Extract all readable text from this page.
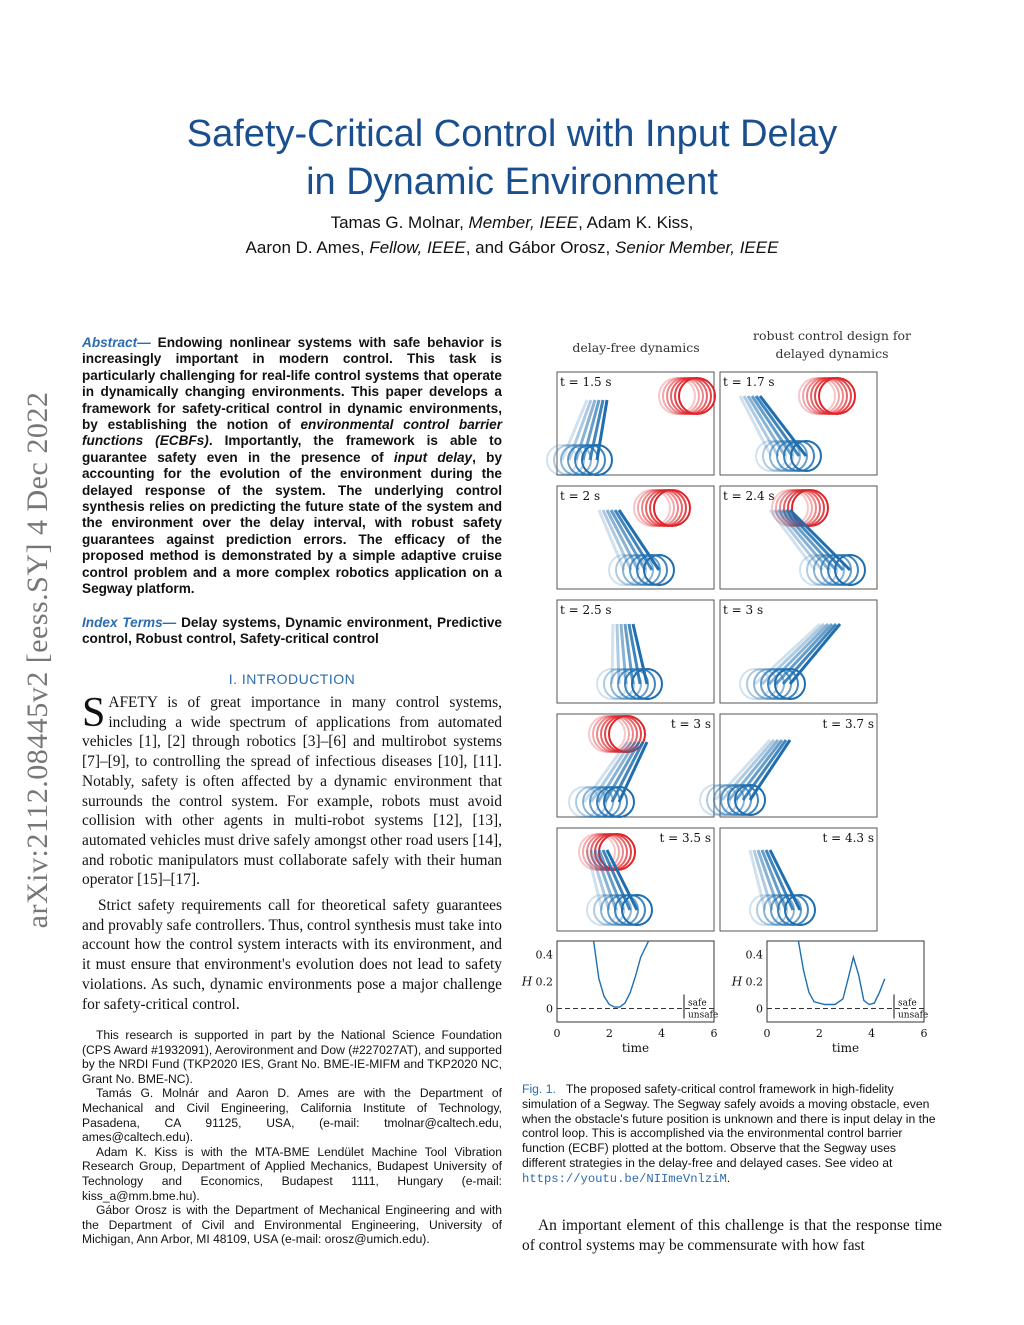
arXiv:2112.08445v2 [eess.SY] 4 Dec 2022
Safety-Critical Control with Input Delay
in Dynamic Environment
Tamas G. Molnar, Member, IEEE, Adam K. Kiss,
Aaron D. Ames, Fellow, IEEE, and Gábor Orosz, Senior Member, IEEE
Abstract— Endowing nonlinear systems with safe behavior is increasingly important in modern control. This task is particularly challenging for real-life control systems that operate in dynamically changing environments. This paper develops a framework for safety-critical control in dynamic environments, by establishing the notion of environmental control barrier functions (ECBFs). Importantly, the framework is able to guarantee safety even in the presence of input delay, by accounting for the evolution of the environment during the delayed response of the system. The underlying control synthesis relies on predicting the future state of the system and the environment over the delay interval, with robust safety guarantees against prediction errors. The efficacy of the proposed method is demonstrated by a simple adaptive cruise control problem and a more complex robotics application on a Segway platform.
Index Terms— Delay systems, Dynamic environment, Predictive control, Robust control, Safety-critical control
I. INTRODUCTION
SAFETY is of great importance in many control systems, including a wide spectrum of applications from automated vehicles [1], [2] through robotics [3]–[6] and multirobot systems [7]–[9], to controlling the spread of infectious diseases [10], [11]. Notably, safety is often affected by a dynamic environment that surrounds the control system. For example, robots must avoid collision with other agents in multi-robot systems [12], [13], automated vehicles must drive safely amongst other road users [14], and robotic manipulators must collaborate safely with their human operator [15]–[17].
Strict safety requirements call for theoretical safety guarantees and provably safe controllers. Thus, control synthesis must take into account how the control system interacts with its environment, and it must ensure that environment's evolution does not lead to safety violations. As such, dynamic environments pose a major challenge for safety-critical control.

This research is supported in part by the National Science Foundation (CPS Award #1932091), Aerovironment and Dow (#227027AT), and supported by the NRDI Fund (TKP2020 IES, Grant No. BME-IE-MIFM and TKP2020 NC, Grant No. BME-NC).

Tamás G. Molnár and Aaron D. Ames are with the Department of Mechanical and Civil Engineering, California Institute of Technology, Pasadena, CA 91125, USA, (e-mail: tmolnar@caltech.edu, ames@caltech.edu).

Adam K. Kiss is with the MTA-BME Lendület Machine Tool Vibration Research Group, Department of Applied Mechanics, Budapest University of Technology and Economics, Budapest 1111, Hungary (e-mail: kiss_a@mm.bme.hu).

Gábor Orosz is with the Department of Mechanical Engineering and with the Department of Civil and Environmental Engineering, University of Michigan, Ann Arbor, MI 48109, USA (e-mail: orosz@umich.edu).

delay-free dynamics
robust control design for
delayed dynamics
t = 1.5 s	t = 1.7 s
t = 2 s	t = 2.4 s
t = 2.5 s	t = 3 s
t = 3 s	t = 3.7 s
t = 3.5 s	t = 4.3 s
0	2	4	6
0
0.2
0.4
time
H
safe
unsafe
0	2	4	6
0
0.2
0.4
time
H
safe
unsafe
Fig. 1. The proposed safety-critical control framework in high-fidelity simulation of a Segway. The Segway safely avoids a moving obstacle, even when the obstacle's future position is unknown and there is input delay in the control loop. This is accomplished via the environmental control barrier function (ECBF) plotted at the bottom. Observe that the Segway uses different strategies in the delay-free and delayed cases. See video at https://youtu.be/NIImeVnlziM.
An important element of this challenge is that the response time of control systems may be commensurate with how fast
